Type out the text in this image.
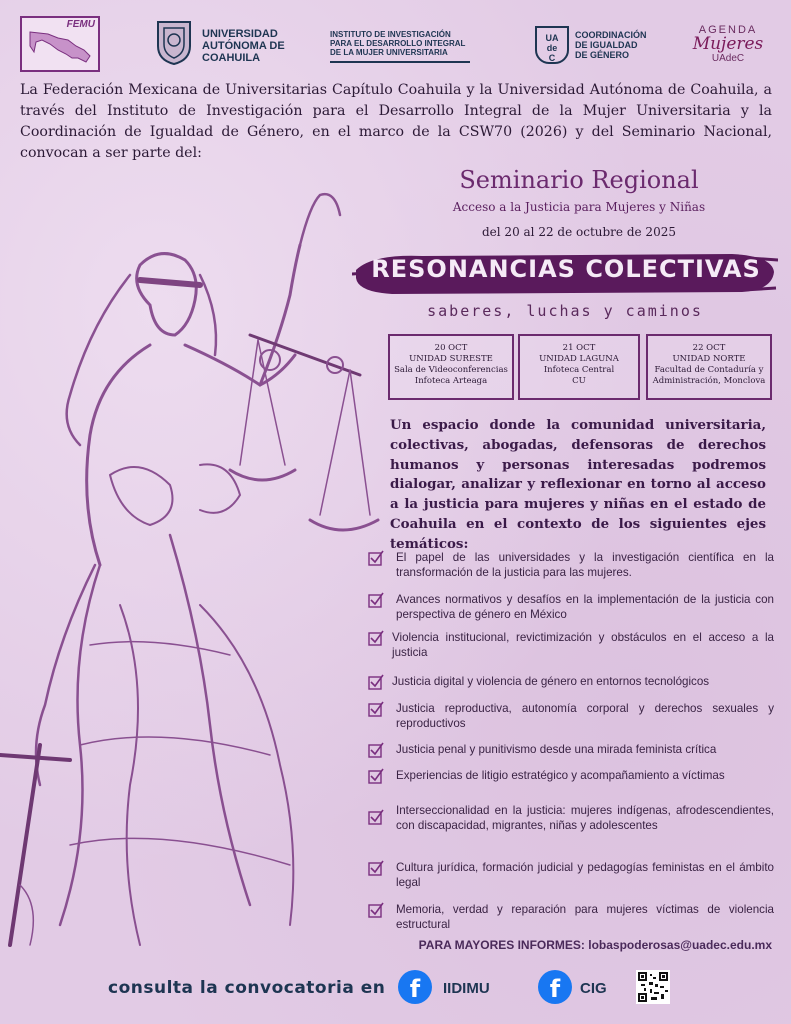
FEMU
UNIVERSIDAD
AUTÓNOMA DE
COAHUILA
INSTITUTO DE INVESTIGACIÓN
PARA EL DESARROLLO INTEGRAL
DE LA MUJER UNIVERSITARIA
UA
de
C
COORDINACIÓN
DE IGUALDAD
DE GÉNERO
AGENDA
Mujeres
UAdeC

La Federación Mexicana de Universitarias Capítulo Coahuila y la Universidad Autónoma de Coahuila, a través del Instituto de Investigación para el Desarrollo Integral de la Mujer Universitaria y la Coordinación de Igualdad de Género, en el marco de la CSW70 (2026) y del Seminario Nacional, convocan a ser parte del:

Seminario Regional
Acceso a la Justicia para Mujeres y Niñas
del 20 al 22 de octubre de 2025
RESONANCIAS COLECTIVAS
saberes, luchas y caminos
20 OCT
UNIDAD SURESTE
Sala de Videoconferencias
Infoteca Arteaga
21 OCT
UNIDAD LAGUNA
Infoteca Central
CU
22 OCT
UNIDAD NORTE
Facultad de Contaduría y
Administración, Monclova

Un espacio donde la comunidad universitaria, colectivas, abogadas, defensoras de derechos humanos y personas interesadas podremos dialogar, analizar y reflexionar en torno al acceso a la justicia para mujeres y niñas en el estado de Coahuila en el contexto de los siguientes ejes temáticos:

El papel de las universidades y la investigación científica en la transformación de la justicia para las mujeres.
Avances normativos y desafíos en la implementación de la justicia con perspectiva de género en México
Violencia institucional, revictimización y obstáculos en el acceso a la justicia
Justicia digital y violencia de género en entornos tecnológicos
Justicia reproductiva, autonomía corporal y derechos sexuales y reproductivos
Justicia penal y punitivismo desde una mirada feminista crítica
Experiencias de litigio estratégico y acompañamiento a víctimas
Interseccionalidad en la justicia: mujeres indígenas, afrodescendientes, con discapacidad, migrantes, niñas y adolescentes
Cultura jurídica, formación judicial y pedagogías feministas en el ámbito legal
Memoria, verdad y reparación para mujeres víctimas de violencia estructural
PARA MAYORES INFORMES: lobaspoderosas@uadec.edu.mx
consulta la convocatoria en	f	IIDIMU	f	CIG
